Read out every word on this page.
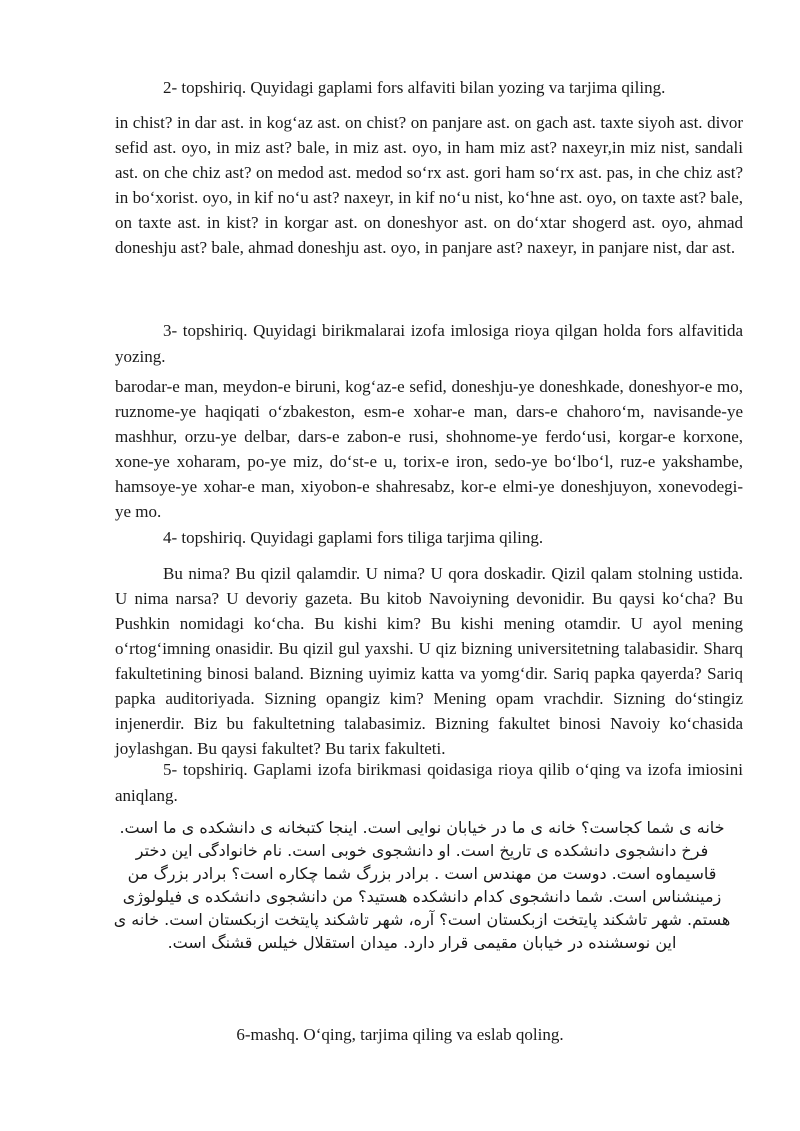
2- topshiriq. Quyidagi gaplami fors alfaviti bilan yozing va tarjima qiling.

in chist? in dar ast. in kogʻaz ast. on chist? on panjare ast. on gach ast. taxte siyoh ast. divor sefid ast. oyo, in miz ast? bale, in miz ast. oyo, in ham miz ast? naxeyr,in miz nist, sandali ast. on che chiz ast? on medod ast. medod soʻrx ast. gori ham soʻrx ast. pas, in che chiz ast? in boʻxorist. oyo, in kif noʻu ast? naxeyr, in kif noʻu nist, koʻhne ast. oyo, on taxte ast? bale, on taxte ast. in kist? in korgar ast. on doneshyor ast. on doʻxtar shogerd ast. oyo, ahmad doneshju ast? bale, ahmad doneshju ast. oyo, in panjare ast? naxeyr, in panjare nist, dar ast.

3- topshiriq. Quyidagi birikmalarai izofa imlosiga rioya qilgan holda fors alfavitida yozing.

barodar-e man, meydon-e biruni, kogʻaz-e sefid, doneshju-ye doneshkade, doneshyor-e mo, ruznome-ye haqiqati oʻzbakeston, esm-e xohar-e man, dars-e chahoroʻm, navisande-ye mashhur, orzu-ye delbar, dars-e zabon-e rusi, shohnome-ye ferdoʻusi, korgar-e korxone, xone-ye xoharam, po-ye miz, doʻst-e u, torix-e iron, sedo-ye boʻlboʻl, ruz-e yakshambe, hamsoye-ye xohar-e man, xiyobon-e shahresabz, kor-e elmi-ye doneshjuyon, xonevodegi-ye mo.

4- topshiriq. Quyidagi gaplami fors tiliga tarjima qiling.

Bu nima? Bu qizil qalamdir. U nima? U qora doskadir. Qizil qalam stolning ustida. U nima narsa? U devoriy gazeta. Bu kitob Navoiyning devonidir. Bu qaysi koʻcha? Bu Pushkin nomidagi koʻcha. Bu kishi kim? Bu kishi mening otamdir. U ayol mening oʻrtogʻimning onasidir. Bu qizil gul yaxshi. U qiz bizning universitetning talabasidir. Sharq fakultetining binosi baland. Bizning uyimiz katta va yomgʻdir. Sariq papka qayerda? Sariq papka auditoriyada. Sizning opangiz kim? Mening opam vrachdir. Sizning doʻstingiz injenerdir. Biz bu fakultetning talabasimiz. Bizning fakultet binosi Navoiy koʻchasida joylashgan. Bu qaysi fakultet? Bu tarix fakulteti.

5- topshiriq. Gaplami izofa birikmasi qoidasiga rioya qilib oʻqing va izofa imiosini aniqlang.

خانه ی شما کجاست؟ خانه ی ما در خیابان نوایی است. اینجا کتبخانه ی دانشکده ی ما است. فرخ دانشجوی دانشکده ی تاریخ است. او دانشجوی خوبی است. نام خانوادگی این دختر قاسیماوه است. دوست من مهندس است . برادر بزرگ شما چکاره است؟ برادر بزرگ من زمینشناس است. شما دانشجوی کدام دانشکده هستید؟ من دانشجوی دانشکده ی فیلولوژی هستم. شهر تاشکند پایتخت ازبکستان است؟ آره، شهر تاشکند پایتخت ازبکستان است. خانه ی این نوسشنده در خیابان مقیمی قرار دارد. میدان استقلال خیلس قشنگ است.

6-mashq. Oʻqing, tarjima qiling va eslab qoling.
